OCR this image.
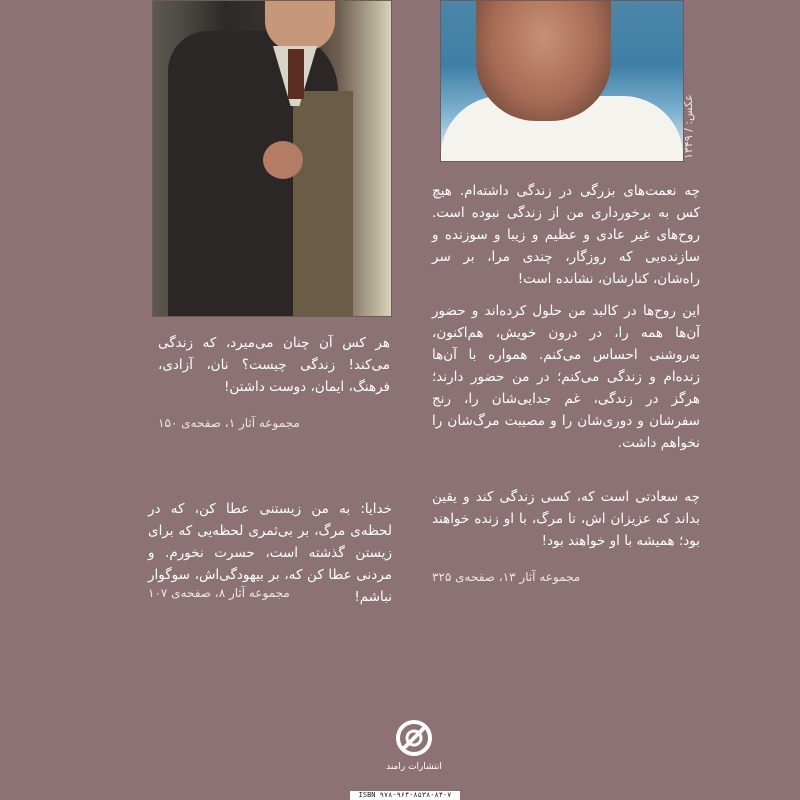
عکس: / ۱۳۴۹
چه نعمت‌های بزرگی در زندگی داشته‌ام. هیچ کس به برخورداری من از زندگی نبوده است. روح‌های غیر عادی و عظیم و زیبا و سوزنده و سازنده‌یی که روزگار، چندی مرا، بر سر راه‌شان، کنارشان، نشانده است!
این روح‌ها در کالبد من حلول کرده‌اند و حضور آن‌ها همه را، در درون خویش، هم‌اکنون، به‌روشنی احساس می‌کنم. همواره با آن‌ها زنده‌ام و زندگی می‌کنم؛ در من حضور دارند؛ هرگز در زندگی، غم جدایی‌شان را، رنج سفرشان و دوری‌شان را و مصیبت مرگ‌شان را نخواهم داشت.
چه سعادتی است که، کسی زندگی کند و یقین بداند که عزیزان اش، تا مرگ، با او زنده خواهند بود؛ همیشه با او خواهند بود!
مجموعه آثار ۱۳، صفحه‌ی ۳۲۵
هر کس آن چنان می‌میرد، که زندگی می‌کند! زندگی چیست؟ نان، آزادی، فرهنگ، ایمان، دوست داشتن!
مجموعه آثار ۱، صفحه‌ی ۱۵۰
خدایا: به من زیستنی عطا کن، که در لحظه‌ی مرگ، بر بی‌ثمری لحظه‌یی که برای زیستن گذشته است، حسرت نخورم. و مردنی عطا کن که، بر بیهودگی‌اش، سوگوار نباشم!
مجموعه آثار ۸، صفحه‌ی ۱۰۷
انتشارات رامند
ISBN ۹۷۸-۹۶۴-۸۵۳۸-۸۴-۷
